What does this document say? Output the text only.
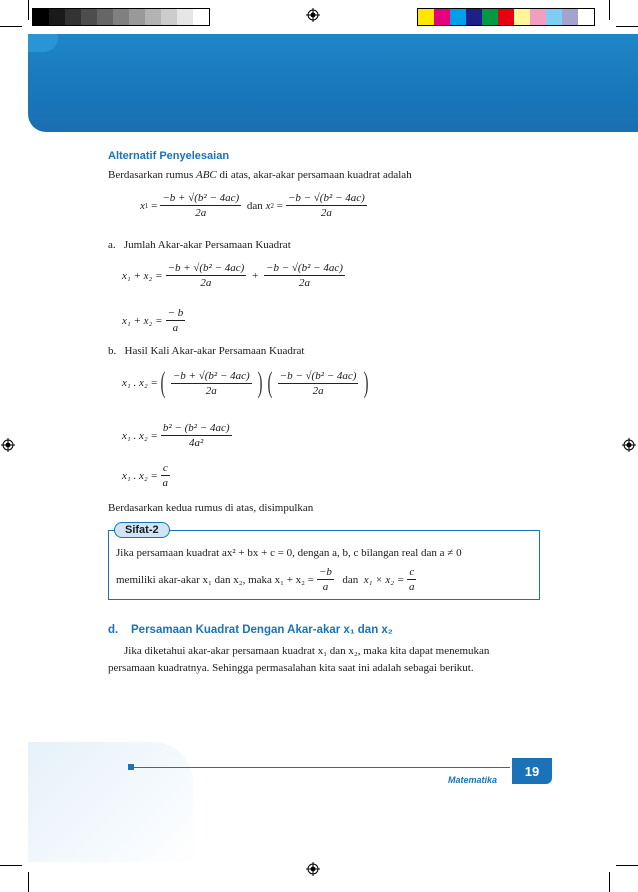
Alternatif Penyelesaian
Berdasarkan rumus ABC di atas, akar-akar persamaan kuadrat adalah
x $1 = \frac{\text{−b + √(b² − 4ac)}}{2a}$
dan
x $2 = \frac{\text{−b − √(b² − 4ac)}}{2a}$
a. Jumlah Akar-akar Persamaan Kuadrat
$x_1 + x_2 = \frac{\text{−b + √(b² − 4ac)}}{2a} + \frac{\text{−b − √(b² − 4ac)}}{2a}$
$x_1 + x_2 = \frac{- b}{a}$
b. Hasil Kali Akar-akar Persamaan Kuadrat
x₁ . x₂ = ( $\frac{\text{−b + √(b² − 4ac)}}{2a}$ ) ( $\frac{\text{−b − √(b² − 4ac)}}{2a}$ )
x₁ . $x_2 = \frac{\text{b² − (b² − 4ac)}}{\text{4a²}}$
x₁ . $x_2 = \frac{c}{a}$
Berdasarkan kedua rumus di atas, disimpulkan
Sifat-2
Jika persamaan kuadrat ax² + bx + c = 0, dengan a, b, c bilangan real dan a ≠ 0
memiliki akar-akar x₁ dan x₂, maka $x_1 + x_2 = \frac{-b}{a}$
dan
$x_1 \times x_2 = \frac{c}{a}$
d. Persamaan Kuadrat Dengan Akar-akar x₁ dan x₂
Jika diketahui akar-akar persamaan kuadrat x₁ dan x₂, maka kita dapat menemukan
persamaan kuadratnya. Sehingga permasalahan kita saat ini adalah sebagai berikut.
Matematika
19
